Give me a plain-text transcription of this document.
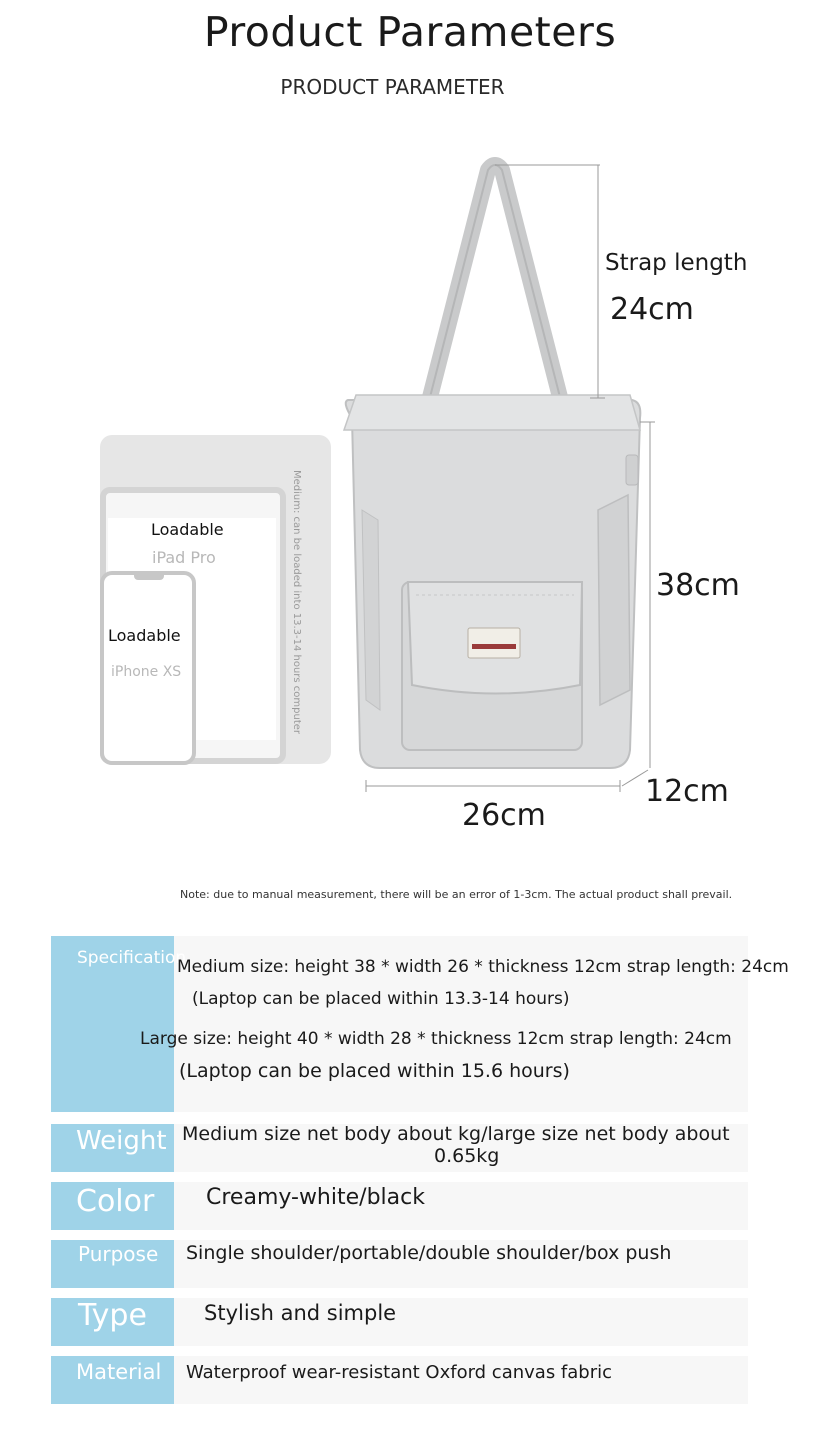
Product Parameters
PRODUCT PARAMETER
Strap length
24cm
38cm
12cm
26cm
Loadable
iPad Pro
Loadable
iPhone XS	Medium: can be loaded into 13.3-14 hours computer
Note: due to manual measurement, there will be an error of 1-3cm. The actual product shall prevail.
Specification
Medium size: height 38 * width 26 * thickness 12cm strap length: 24cm
(Laptop can be placed within 13.3-14 hours)
Large size: height 40 * width 28 * thickness 12cm strap length: 24cm
(Laptop can be placed within 15.6 hours)
Weight Medium size net body about kg/large size net body about
0.65kg
Color Creamy-white/black
Purpose Single shoulder/portable/double shoulder/box push
Type	Stylish and simple
Material Waterproof wear-resistant Oxford canvas fabric
